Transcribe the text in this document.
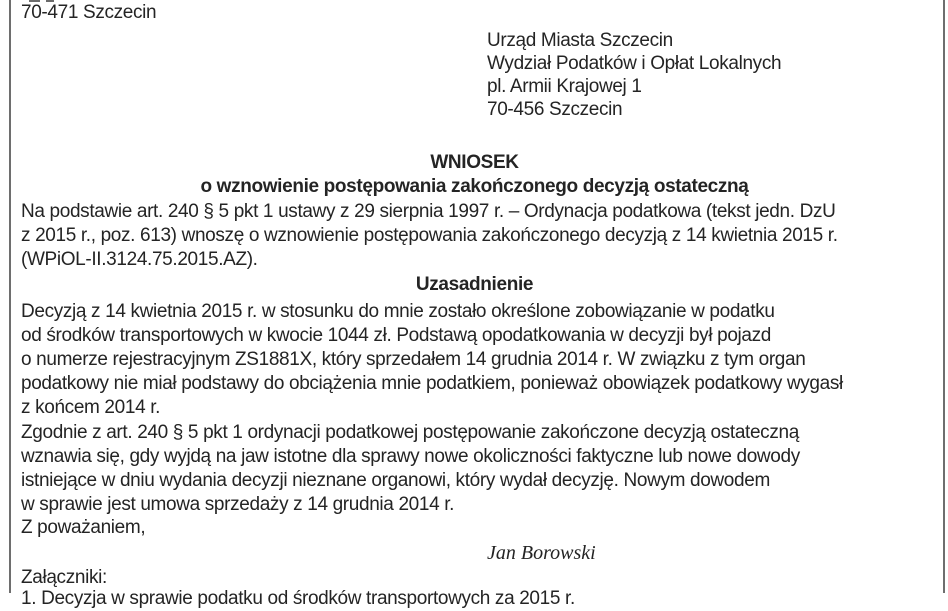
70-471 Szczecin
Urząd Miasta Szczecin
Wydział Podatków i Opłat Lokalnych
pl. Armii Krajowej 1
70-456 Szczecin
WNIOSEK
o wznowienie postępowania zakończonego decyzją ostateczną
Na podstawie art. 240 § 5 pkt 1 ustawy z 29 sierpnia 1997 r. – Ordynacja podatkowa (tekst jedn. DzU
z 2015 r., poz. 613) wnoszę o wznowienie postępowania zakończonego decyzją z 14 kwietnia 2015 r.
(WPiOL-II.3124.75.2015.AZ).
Uzasadnienie
Decyzją z 14 kwietnia 2015 r. w stosunku do mnie zostało określone zobowiązanie w podatku
od środków transportowych w kwocie 1044 zł. Podstawą opodatkowania w decyzji był pojazd
o numerze rejestracyjnym ZS1881X, który sprzedałem 14 grudnia 2014 r. W związku z tym organ
podatkowy nie miał podstawy do obciążenia mnie podatkiem, ponieważ obowiązek podatkowy wygasł
z końcem 2014 r.
Zgodnie z art. 240 § 5 pkt 1 ordynacji podatkowej postępowanie zakończone decyzją ostateczną
wznawia się, gdy wyjdą na jaw istotne dla sprawy nowe okoliczności faktyczne lub nowe dowody
istniejące w dniu wydania decyzji nieznane organowi, który wydał decyzję. Nowym dowodem
w sprawie jest umowa sprzedaży z 14 grudnia 2014 r.
Z poważaniem,
Jan Borowski
Załączniki:
1. Decyzja w sprawie podatku od środków transportowych za 2015 r.
